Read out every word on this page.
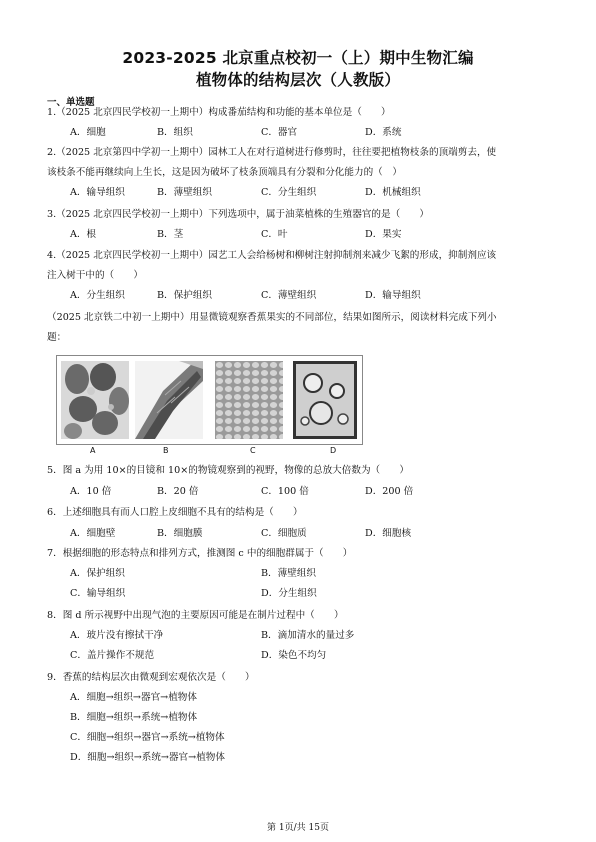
2023-2025 北京重点校初一（上）期中生物汇编
植物体的结构层次（人教版）
一、单选题
1.（2025 北京四民学校初一上期中）构成番茄结构和功能的基本单位是（　　）
A．细胞	B．组织	C．器官	D．系统
2.（2025 北京第四中学初一上期中）园林工人在对行道树进行修剪时，往往要把植物枝条的顶端剪去，使
该枝条不能再继续向上生长，这是因为破坏了枝条顶端具有分裂和分化能力的（　）
A．输导组织	B．薄壁组织	C．分生组织	D．机械组织
3.（2025 北京四民学校初一上期中）下列选项中，属于油菜植株的生殖器官的是（　　）
A．根	B．茎	C．叶	D．果实
4.（2025 北京四民学校初一上期中）园艺工人会给杨树和柳树注射抑制剂来减少飞絮的形成，抑制剂应该
注入树干中的（　　）
A．分生组织	B．保护组织	C．薄壁组织	D．输导组织
（2025 北京铁二中初一上期中）用显微镜观察香蕉果实的不同部位，结果如图所示，阅读材料完成下列小
题：
A	B	C	D
5．图 a 为用 10×的目镜和 10×的物镜观察到的视野，物像的总放大倍数为（　　）
A．10 倍	B．20 倍	C．100 倍	D．200 倍
6．上述细胞具有而人口腔上皮细胞不具有的结构是（　　）
A．细胞壁	B．细胞膜	C．细胞质	D．细胞核
7．根据细胞的形态特点和排列方式，推测图 c 中的细胞群属于（　　）
A．保护组织	B．薄壁组织
C．输导组织	D．分生组织
8．图 d 所示视野中出现气泡的主要原因可能是在制片过程中（　　）
A．玻片没有擦拭干净	B．滴加清水的量过多
C．盖片操作不规范	D．染色不均匀
9．香蕉的结构层次由微观到宏观依次是（　　）
A．细胞→组织→器官→植物体
B．细胞→组织→系统→植物体
C．细胞→组织→器官→系统→植物体
D．细胞→组织→系统→器官→植物体
第 1页/共 15页
